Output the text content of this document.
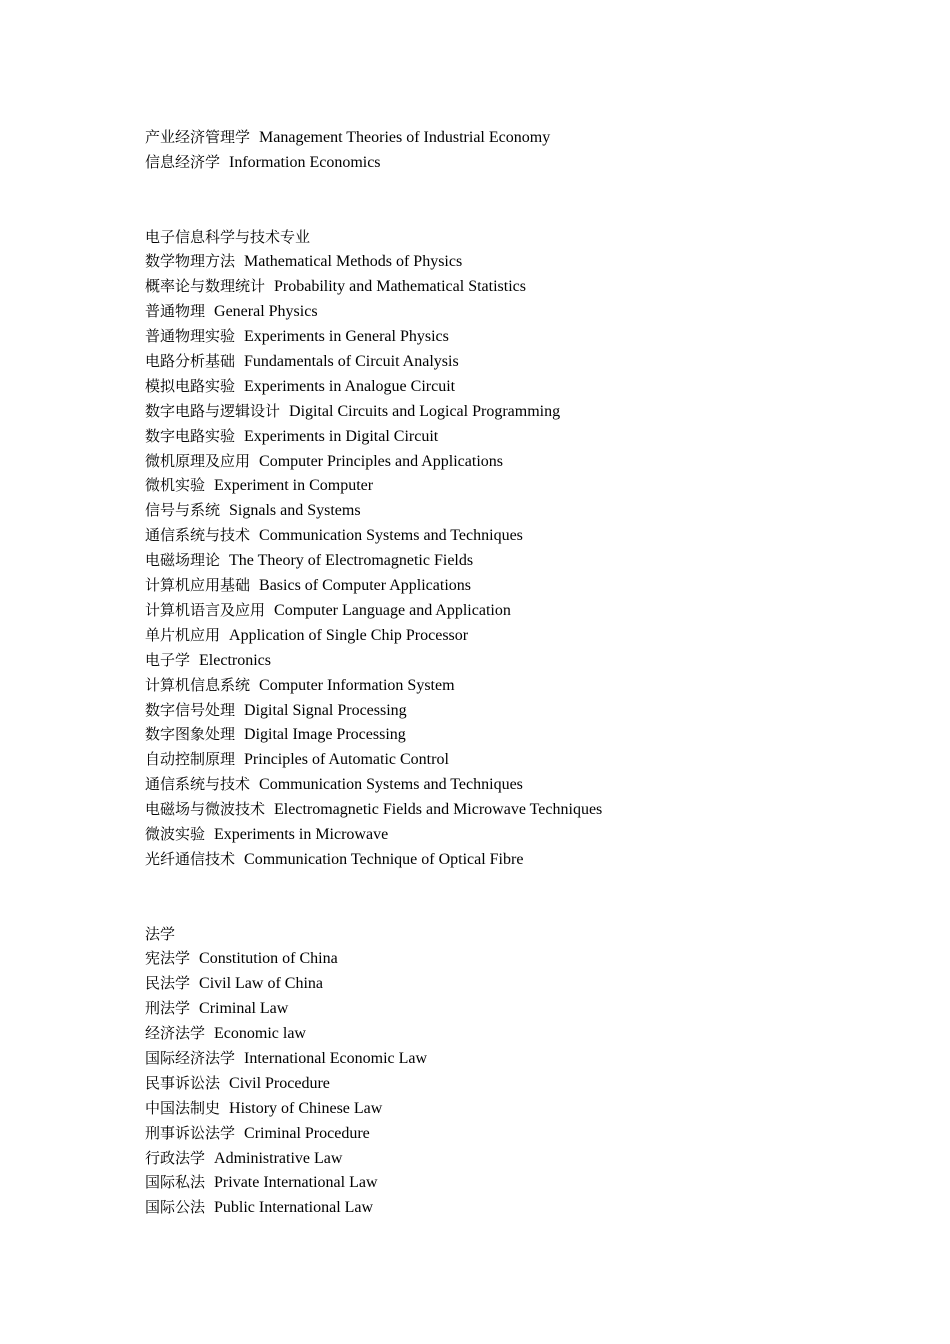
产业经济管理学 Management Theories of Industrial Economy
信息经济学 Information Economics
电子信息科学与技术专业
数学物理方法 Mathematical Methods of Physics
概率论与数理统计 Probability and Mathematical Statistics
普通物理 General Physics
普通物理实验 Experiments in General Physics
电路分析基础 Fundamentals of Circuit Analysis
模拟电路实验 Experiments in Analogue Circuit
数字电路与逻辑设计 Digital Circuits and Logical Programming
数字电路实验 Experiments in Digital Circuit
微机原理及应用 Computer Principles and Applications
微机实验 Experiment in Computer
信号与系统 Signals and Systems
通信系统与技术 Communication Systems and Techniques
电磁场理论 The Theory of Electromagnetic Fields
计算机应用基础 Basics of Computer Applications
计算机语言及应用 Computer Language and Application
单片机应用 Application of Single Chip Processor
电子学 Electronics
计算机信息系统 Computer Information System
数字信号处理 Digital Signal Processing
数字图象处理 Digital Image Processing
自动控制原理 Principles of Automatic Control
通信系统与技术 Communication Systems and Techniques
电磁场与微波技术 Electromagnetic Fields and Microwave Techniques
微波实验 Experiments in Microwave
光纤通信技术 Communication Technique of Optical Fibre
法学
宪法学 Constitution of China
民法学 Civil Law of China
刑法学 Criminal Law
经济法学 Economic law
国际经济法学 International Economic Law
民事诉讼法 Civil Procedure
中国法制史 History of Chinese Law
刑事诉讼法学 Criminal Procedure
行政法学 Administrative Law
国际私法 Private International Law
国际公法 Public International Law
